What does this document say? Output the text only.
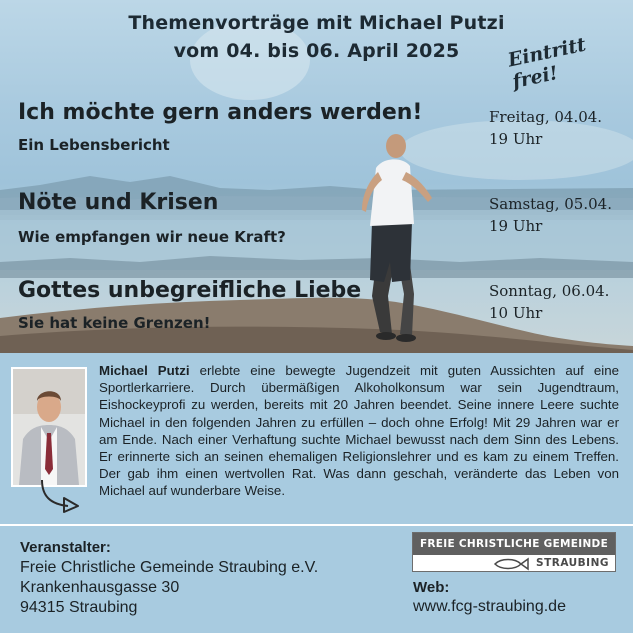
Themenvorträge mit Michael Putzi
vom 04. bis 06. April 2025	Eintritt frei!
Ich möchte gern anders werden!
Ein Lebensbericht
Freitag, 04.04.
19 Uhr
Nöte und Krisen
Wie empfangen wir neue Kraft?
Samstag, 05.04.
19 Uhr
Gottes unbegreifliche Liebe
Sie hat keine Grenzen!
Sonntag, 06.04.
10 Uhr

Michael Putzi erlebte eine bewegte Jugendzeit mit guten Aussichten auf eine Sportlerkarriere. Durch übermäßigen Alkoholkonsum war sein Jugendtraum, Eishockeyprofi zu werden, bereits mit 20 Jahren beendet. Seine innere Leere suchte Michael in den folgenden Jahren zu erfüllen – doch ohne Erfolg! Mit 29 Jahren war er am Ende. Nach einer Verhaftung suchte Michael bewusst nach dem Sinn des Lebens. Er erinnerte sich an seinen ehemaligen Religionslehrer und es kam zu einem Treffen. Der gab ihm einen wertvollen Rat. Was dann geschah, veränderte das Leben von Michael auf wunderbare Weise.

Veranstalter:
Freie Christliche Gemeinde Straubing e.V.
Krankenhausgasse 30
94315 Straubing
FREIE CHRISTLICHE GEMEINDE
STRAUBING
Web:
www.fcg-straubing.de
